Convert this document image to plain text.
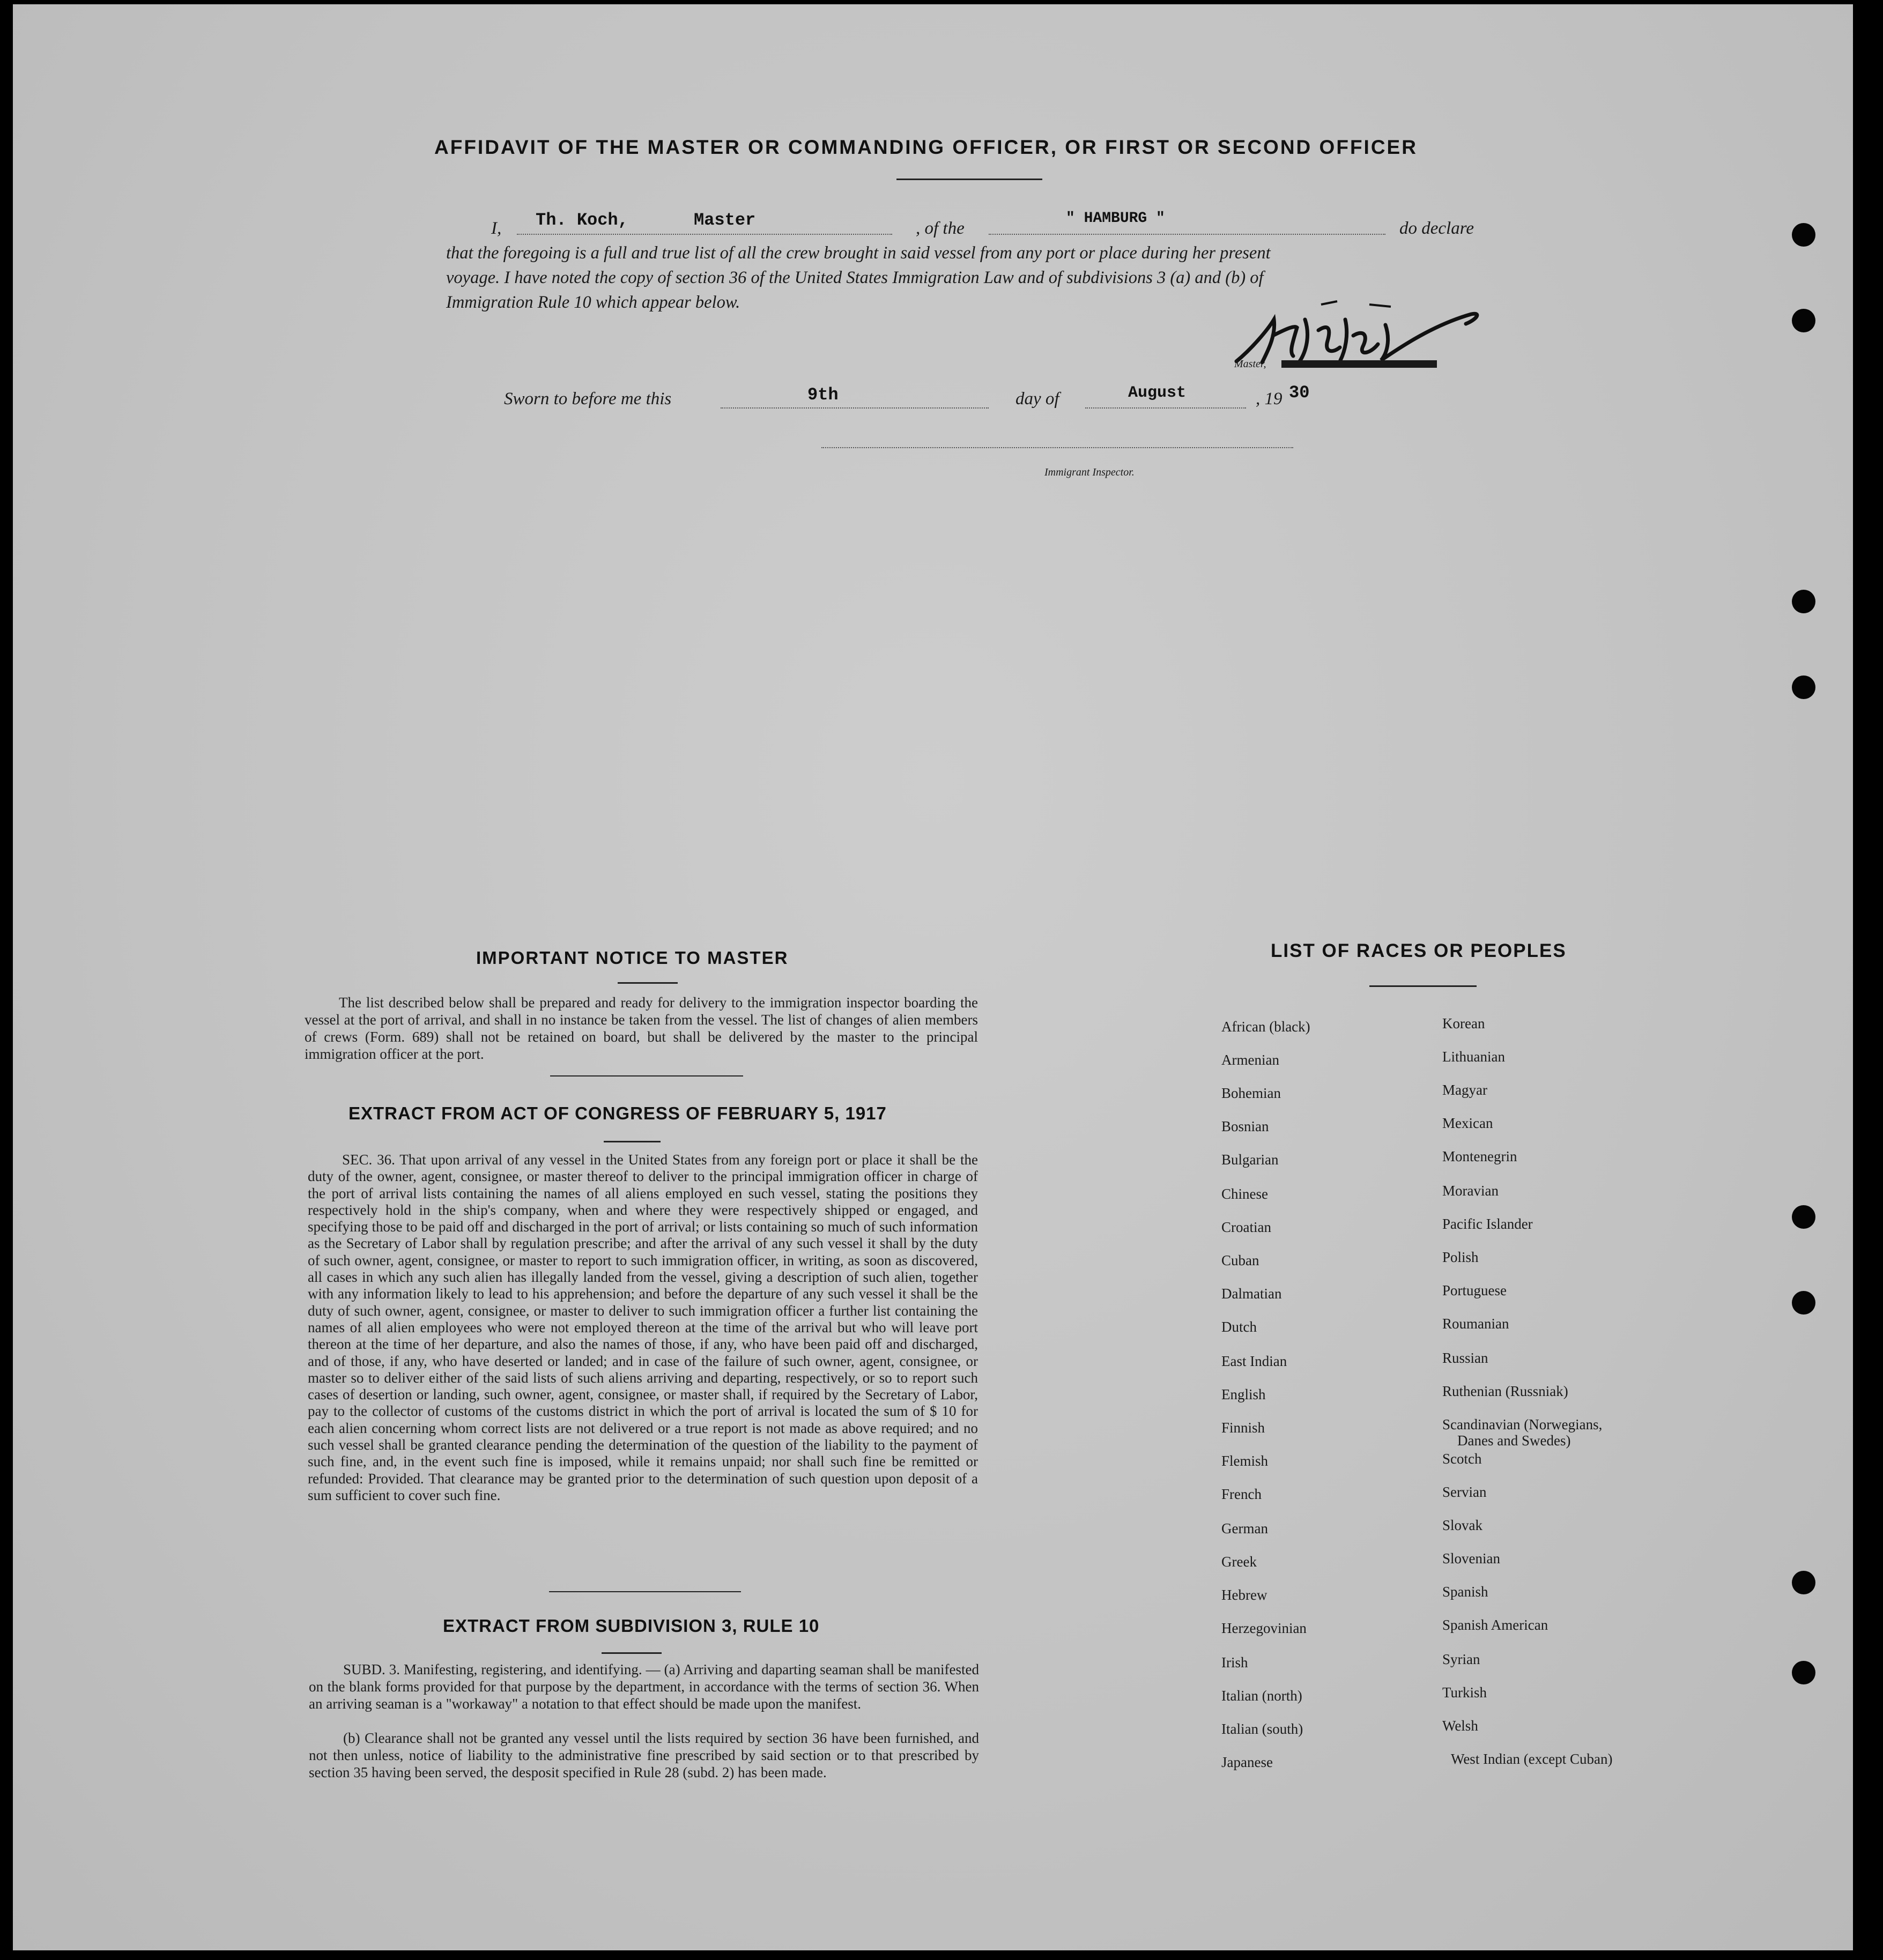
AFFIDAVIT OF THE MASTER OR COMMANDING OFFICER, OR FIRST OR SECOND OFFICER
I, Th. Koch,	Master	, of the
" HAMBURG "
do declare
that the foregoing is a full and true list of all the crew brought in said vessel from any port or place during her present
voyage. I have noted the copy of section 36 of the United States Immigration Law and of subdivisions 3 (a) and (b) of
Immigration Rule 10 which appear below.
Master,
Sworn to before me this	9th	day of	August	, 19 30
Immigrant Inspector.
IMPORTANT NOTICE TO MASTER
The list described below shall be prepared and ready for delivery to the immigration inspector boarding the vessel at the port of arrival, and shall in no instance be taken from the vessel. The list of changes of alien members of crews (Form. 689) shall not be retained on board, but shall be delivered by the master to the principal immigration officer at the port.
EXTRACT FROM ACT OF CONGRESS OF FEBRUARY 5, 1917
SEC. 36. That upon arrival of any vessel in the United States from any foreign port or place it shall be the duty of the owner, agent, consignee, or master thereof to deliver to the principal immigration officer in charge of the port of arrival lists containing the names of all aliens employed en such vessel, stating the positions they respectively hold in the ship's company, when and where they were respectively shipped or engaged, and specifying those to be paid off and discharged in the port of arrival; or lists containing so much of such information as the Secretary of Labor shall by regulation prescribe; and after the arrival of any such vessel it shall by the duty of such owner, agent, consignee, or master to report to such immigration officer, in writing, as soon as discovered, all cases in which any such alien has illegally landed from the vessel, giving a description of such alien, together with any information likely to lead to his apprehension; and before the departure of any such vessel it shall be the duty of such owner, agent, consignee, or master to deliver to such immigration officer a further list containing the names of all alien employees who were not employed thereon at the time of the arrival but who will leave port thereon at the time of her departure, and also the names of those, if any, who have been paid off and discharged, and of those, if any, who have deserted or landed; and in case of the failure of such owner, agent, consignee, or master so to deliver either of the said lists of such aliens arriving and departing, respectively, or so to report such cases of desertion or landing, such owner, agent, consignee, or master shall, if required by the Secretary of Labor, pay to the collector of customs of the customs district in which the port of arrival is located the sum of $ 10 for each alien concerning whom correct lists are not delivered or a true report is not made as above required; and no such vessel shall be granted clearance pending the determination of the question of the liability to the payment of such fine, and, in the event such fine is imposed, while it remains unpaid; nor shall such fine be remitted or refunded: Provided. That clearance may be granted prior to the determination of such question upon deposit of a sum sufficient to cover such fine.
EXTRACT FROM SUBDIVISION 3, RULE 10
SUBD. 3. Manifesting, registering, and identifying. — (a) Arriving and daparting seaman shall be manifested on the blank forms provided for that purpose by the department, in accordance with the terms of section 36. When an arriving seaman is a "workaway" a notation to that effect should be made upon the manifest.
(b) Clearance shall not be granted any vessel until the lists required by section 36 have been furnished, and not then unless, notice of liability to the administrative fine prescribed by said section or to that prescribed by section 35 having been served, the desposit specified in Rule 28 (subd. 2) has been made.
LIST OF RACES OR PEOPLES
African (black)
Armenian
Bohemian
Bosnian
Bulgarian
Chinese
Croatian
Cuban
Dalmatian
Dutch
East Indian
English
Finnish
Flemish
French
German
Greek
Hebrew
Herzegovinian
Irish
Italian (north)
Italian (south)
Japanese
Korean
Lithuanian
Magyar
Mexican
Montenegrin
Moravian
Pacific Islander
Polish
Portuguese
Roumanian
Russian
Ruthenian (Russniak)
Scandinavian (Norwegians,
Danes and Swedes)
Scotch
Servian
Slovak
Slovenian
Spanish
Spanish American
Syrian
Turkish
Welsh
West Indian (except Cuban)
